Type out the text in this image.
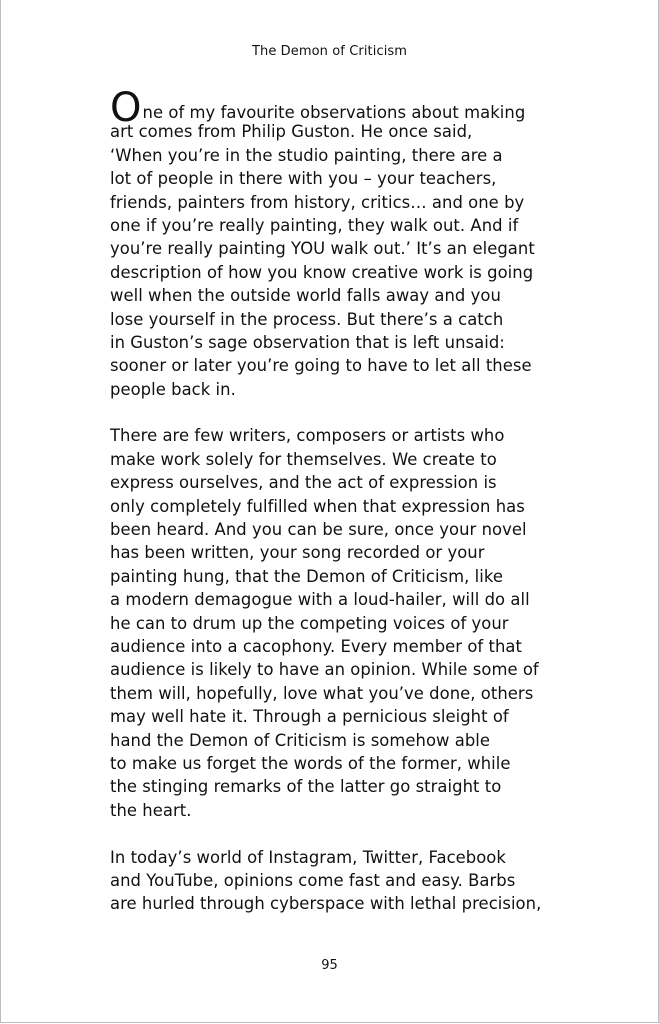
The Demon of Criticism
One of my favourite observations about making
art comes from Philip Guston. He once said,
‘When you’re in the studio painting, there are a
lot of people in there with you – your teachers,
friends, painters from history, critics… and one by
one if you’re really painting, they walk out. And if
you’re really painting YOU walk out.’ It’s an elegant
description of how you know creative work is going
well when the outside world falls away and you
lose yourself in the process. But there’s a catch
in Guston’s sage observation that is left unsaid:
sooner or later you’re going to have to let all these
people back in.
There are few writers, composers or artists who
make work solely for themselves. We create to
express ourselves, and the act of expression is
only completely fulfilled when that expression has
been heard. And you can be sure, once your novel
has been written, your song recorded or your
painting hung, that the Demon of Criticism, like
a modern demagogue with a loud-hailer, will do all
he can to drum up the competing voices of your
audience into a cacophony. Every member of that
audience is likely to have an opinion. While some of
them will, hopefully, love what you’ve done, others
may well hate it. Through a pernicious sleight of
hand the Demon of Criticism is somehow able
to make us forget the words of the former, while
the stinging remarks of the latter go straight to
the heart.
In today’s world of Instagram, Twitter, Facebook
and YouTube, opinions come fast and easy. Barbs
are hurled through cyberspace with lethal precision,
95
